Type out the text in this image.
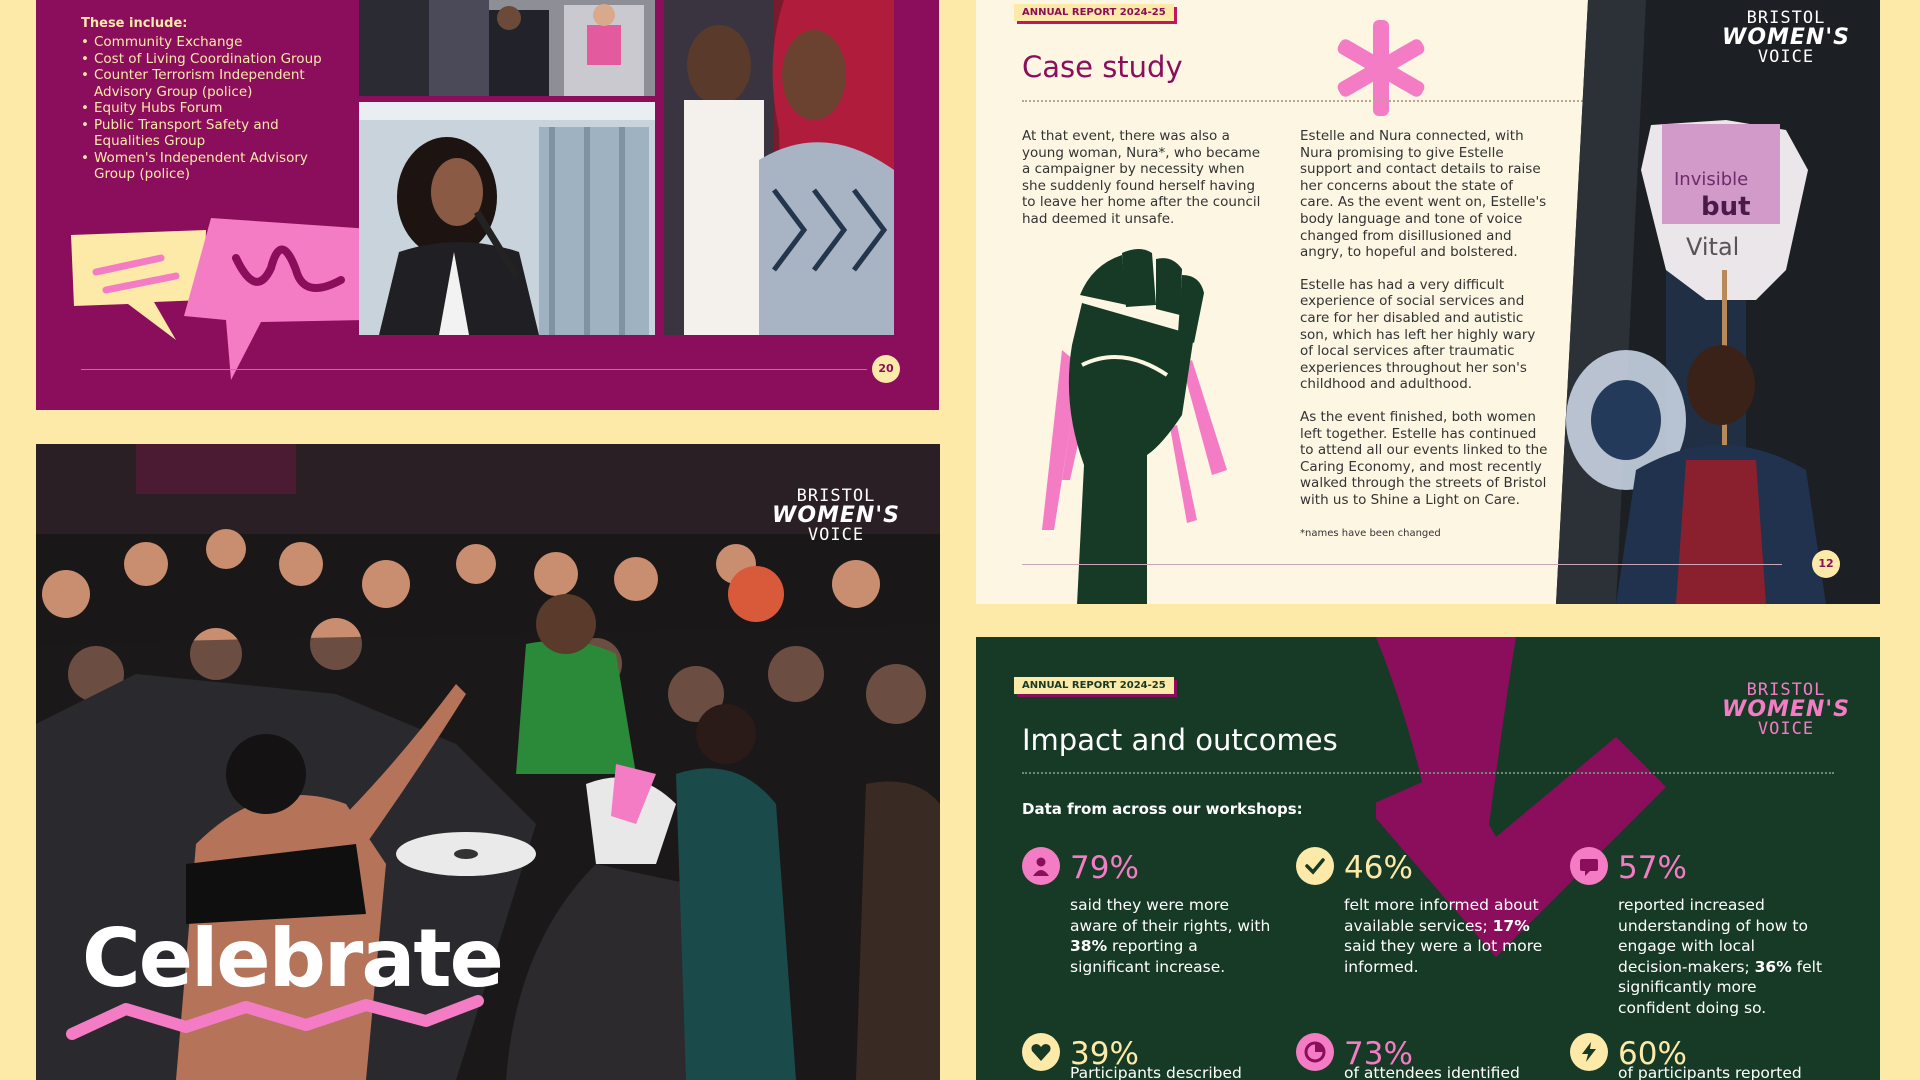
These include:
• Community Exchange
• Cost of Living Coordination Group
• Counter Terrorism Independent Advisory Group (police)
• Equity Hubs Forum
• Public Transport Safety and Equalities Group
• Women's Independent Advisory Group (police)
20
ANNUAL REPORT 2024-25
Case study

At that event, there was also a young woman, Nura*, who became a campaigner by necessity when she suddenly found herself having to leave her home after the council had deemed it unsafe.

Estelle and Nura connected, with Nura promising to give Estelle support and contact details to raise her concerns about the state of care. As the event went on, Estelle's body language and tone of voice changed from disillusioned and angry, to hopeful and bolstered.

Estelle has had a very difficult experience of social services and care for her disabled and autistic son, which has left her highly wary of local services after traumatic experiences throughout her son's childhood and adulthood.

As the event finished, both women left together. Estelle has continued to attend all our events linked to the Caring Economy, and most recently walked through the streets of Bristol with us to Shine a Light on Care.

*names have been changed
Invisible
but
Vital
BRISTOL
WOMEN'S
VOICE
12
Celebrate
BRISTOL
WOMEN'S
VOICE
ANNUAL REPORT 2024-25
Impact and outcomes
Data from across our workshops:
BRISTOL
WOMEN'S
VOICE
79%
said they were more aware of their rights, with 38% reporting a significant increase.
46%
felt more informed about available services; 17% said they were a lot more informed.
57%
reported increased understanding of how to engage with local decision-makers; 36% felt significantly more confident doing so.
39%
Participants described
73%
of attendees identified
60%
of participants reported
